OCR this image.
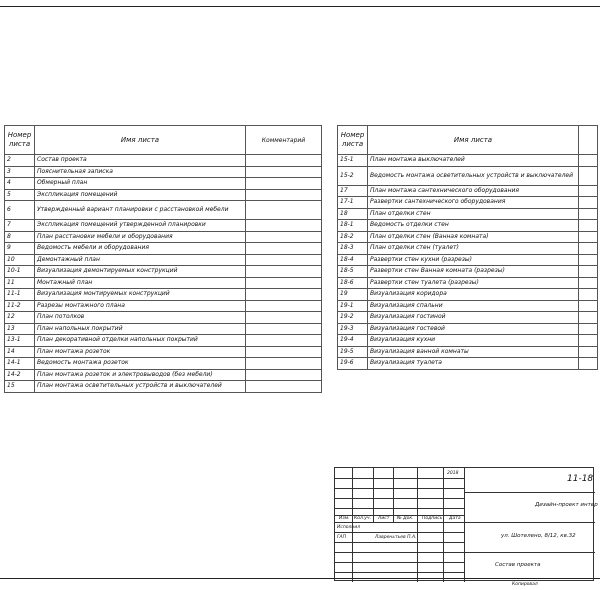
Номер листа	Имя листа	Комментарий
2	Состав проекта	
3	Пояснительная записка	
4	Обмерный план	
5	Экспликация помещений	
6	Утвержденный вариант планировки с расстановкой мебели	
7	Экспликация помещений утвержденной планировки	
8	План расстановки мебели и оборудования	
9	Ведомость мебели и оборудования	
10	Демонтажный план	
10-1	Визуализация демонтируемых конструкций	
11	Монтажный план	
11-1	Визуализация монтируемых конструкций	
11-2	Разрезы монтажного плана	
12	План потолков	
13	План напольных покрытий	
13-1	План декоративной отделки напольных покрытий	
14	План монтажа розеток	
14-1	Ведомость монтажа розеток	
14-2	План монтажа розеток и электровыводов (без мебели)	
15	План монтажа осветительных устройств и выключателей	
Номер листа	Имя листа	
15-1	План монтажа выключателей	
15-2	Ведомость монтажа осветительных устройств и выключателей	
17	План монтажа сантехнического оборудования	
17-1	Развертки сантехнического оборудования	
18	План отделки стен	
18-1	Ведомость отделки стен	
18-2	План отделки стен (Ванная комната)	
18-3	План отделки стен (туалет)	
18-4	Развертки стен кухни (разрезы)	
18-5	Развертки стен Ванная комната (разрезы)	
18-6	Развертки стен туалета (разрезы)	
19	Визуализация коридора	
19-1	Визуализация спальни	
19-2	Визуализация гостиной	
19-3	Визуализация гостевой	
19-4	Визуализация кухни	
19-5	Визуализация ванной комнаты	
19-6	Визуализация туалета	
2018
11-18
Дизайн-проект интер
Изм. Кол.уч. Лист № Док. Подпись Дата
Исполнил
ГАП	Лавреньтьев П.А.	ул. Шотелено, 8/12, кв.32
Состав проекта
Копировал
